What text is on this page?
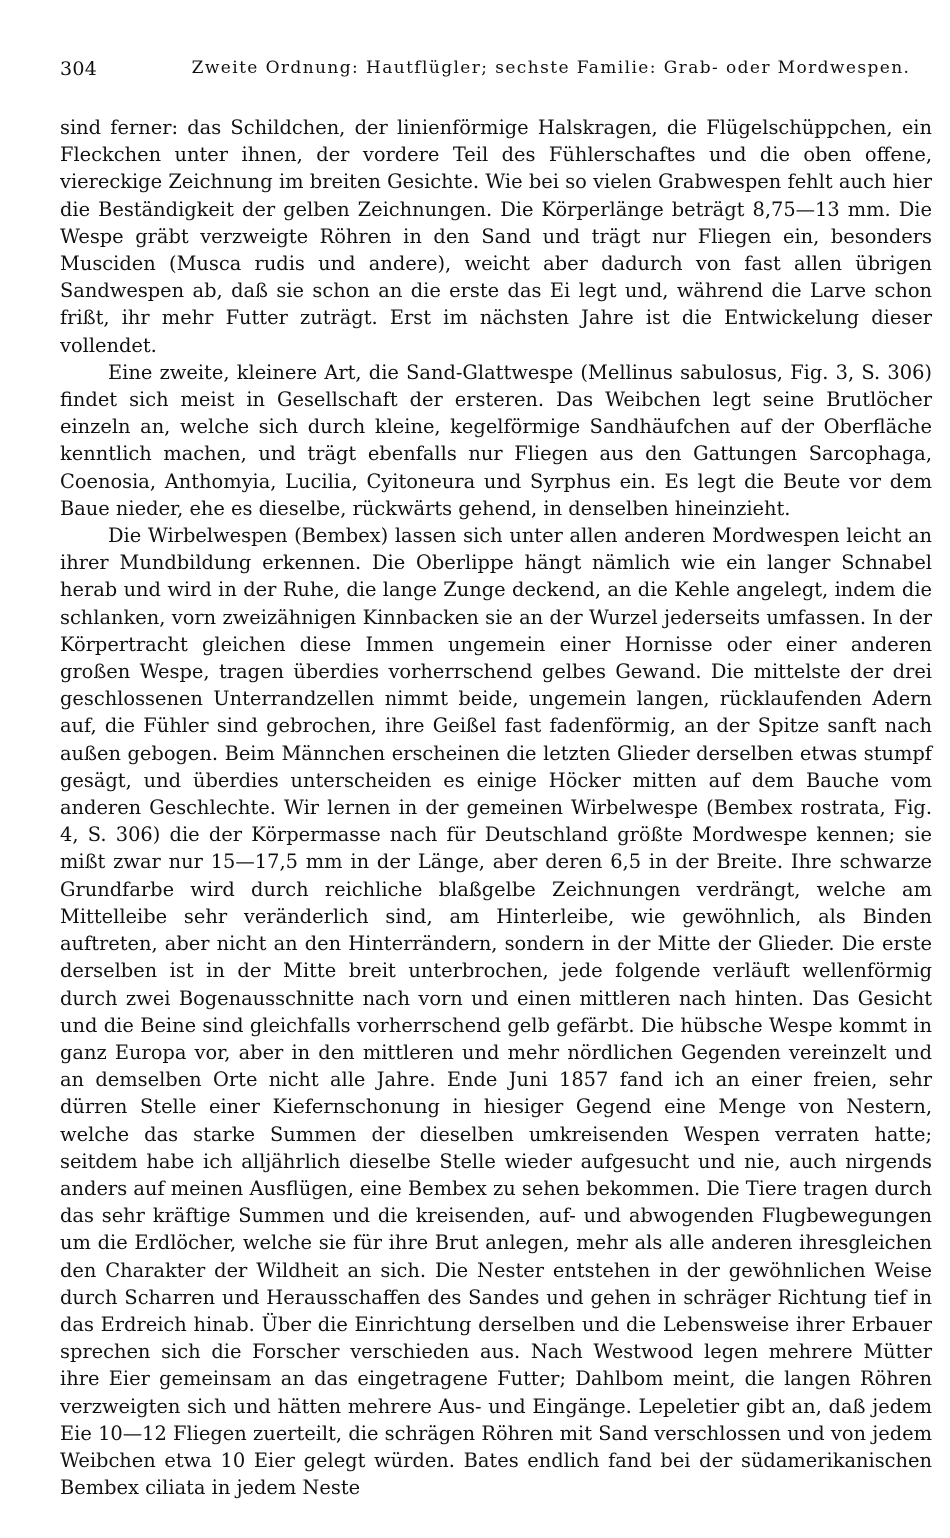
304	Zweite Ordnung: Hautflügler; sechste Familie: Grab- oder Mordwespen.

sind ferner: das Schildchen, der linienförmige Halskragen, die Flügelschüppchen, ein Fleckchen unter ihnen, der vordere Teil des Fühlerschaftes und die oben offene, viereckige Zeichnung im breiten Gesichte. Wie bei so vielen Grabwespen fehlt auch hier die Beständigkeit der gelben Zeichnungen. Die Körperlänge beträgt 8,75—13 mm. Die Wespe gräbt verzweigte Röhren in den Sand und trägt nur Fliegen ein, besonders Musciden (Musca rudis und andere), weicht aber dadurch von fast allen übrigen Sandwespen ab, daß sie schon an die erste das Ei legt und, während die Larve schon frißt, ihr mehr Futter zuträgt. Erst im nächsten Jahre ist die Entwickelung dieser vollendet.

Eine zweite, kleinere Art, die Sand-Glattwespe (Mellinus sabulosus, Fig. 3, S. 306) findet sich meist in Gesellschaft der ersteren. Das Weibchen legt seine Brutlöcher einzeln an, welche sich durch kleine, kegelförmige Sandhäufchen auf der Oberfläche kenntlich machen, und trägt ebenfalls nur Fliegen aus den Gattungen Sarcophaga, Coenosia, Anthomyia, Lucilia, Cyitoneura und Syrphus ein. Es legt die Beute vor dem Baue nieder, ehe es dieselbe, rückwärts gehend, in denselben hineinzieht.

Die Wirbelwespen (Bembex) lassen sich unter allen anderen Mordwespen leicht an ihrer Mundbildung erkennen. Die Oberlippe hängt nämlich wie ein langer Schnabel herab und wird in der Ruhe, die lange Zunge deckend, an die Kehle angelegt, indem die schlanken, vorn zweizähnigen Kinnbacken sie an der Wurzel jederseits umfassen. In der Körpertracht gleichen diese Immen ungemein einer Hornisse oder einer anderen großen Wespe, tragen überdies vorherrschend gelbes Gewand. Die mittelste der drei geschlossenen Unterrandzellen nimmt beide, ungemein langen, rücklaufenden Adern auf, die Fühler sind gebrochen, ihre Geißel fast fadenförmig, an der Spitze sanft nach außen gebogen. Beim Männchen erscheinen die letzten Glieder derselben etwas stumpf gesägt, und überdies unterscheiden es einige Höcker mitten auf dem Bauche vom anderen Geschlechte. Wir lernen in der gemeinen Wirbelwespe (Bembex rostrata, Fig. 4, S. 306) die der Körpermasse nach für Deutschland größte Mordwespe kennen; sie mißt zwar nur 15—17,5 mm in der Länge, aber deren 6,5 in der Breite. Ihre schwarze Grundfarbe wird durch reichliche blaßgelbe Zeichnungen verdrängt, welche am Mittelleibe sehr veränderlich sind, am Hinterleibe, wie gewöhnlich, als Binden auftreten, aber nicht an den Hinterrändern, sondern in der Mitte der Glieder. Die erste derselben ist in der Mitte breit unterbrochen, jede folgende verläuft wellenförmig durch zwei Bogenausschnitte nach vorn und einen mittleren nach hinten. Das Gesicht und die Beine sind gleichfalls vorherrschend gelb gefärbt. Die hübsche Wespe kommt in ganz Europa vor, aber in den mittleren und mehr nördlichen Gegenden vereinzelt und an demselben Orte nicht alle Jahre. Ende Juni 1857 fand ich an einer freien, sehr dürren Stelle einer Kiefernschonung in hiesiger Gegend eine Menge von Nestern, welche das starke Summen der dieselben umkreisenden Wespen verraten hatte; seitdem habe ich alljährlich dieselbe Stelle wieder aufgesucht und nie, auch nirgends anders auf meinen Ausflügen, eine Bembex zu sehen bekommen. Die Tiere tragen durch das sehr kräftige Summen und die kreisenden, auf- und abwogenden Flugbewegungen um die Erdlöcher, welche sie für ihre Brut anlegen, mehr als alle anderen ihresgleichen den Charakter der Wildheit an sich. Die Nester entstehen in der gewöhnlichen Weise durch Scharren und Herausschaffen des Sandes und gehen in schräger Richtung tief in das Erdreich hinab. Über die Einrichtung derselben und die Lebensweise ihrer Erbauer sprechen sich die Forscher verschieden aus. Nach Westwood legen mehrere Mütter ihre Eier gemeinsam an das eingetragene Futter; Dahlbom meint, die langen Röhren verzweigten sich und hätten mehrere Aus- und Eingänge. Lepeletier gibt an, daß jedem Eie 10—12 Fliegen zuerteilt, die schrägen Röhren mit Sand verschlossen und von jedem Weibchen etwa 10 Eier gelegt würden. Bates endlich fand bei der südamerikanischen Bembex ciliata in jedem Neste
